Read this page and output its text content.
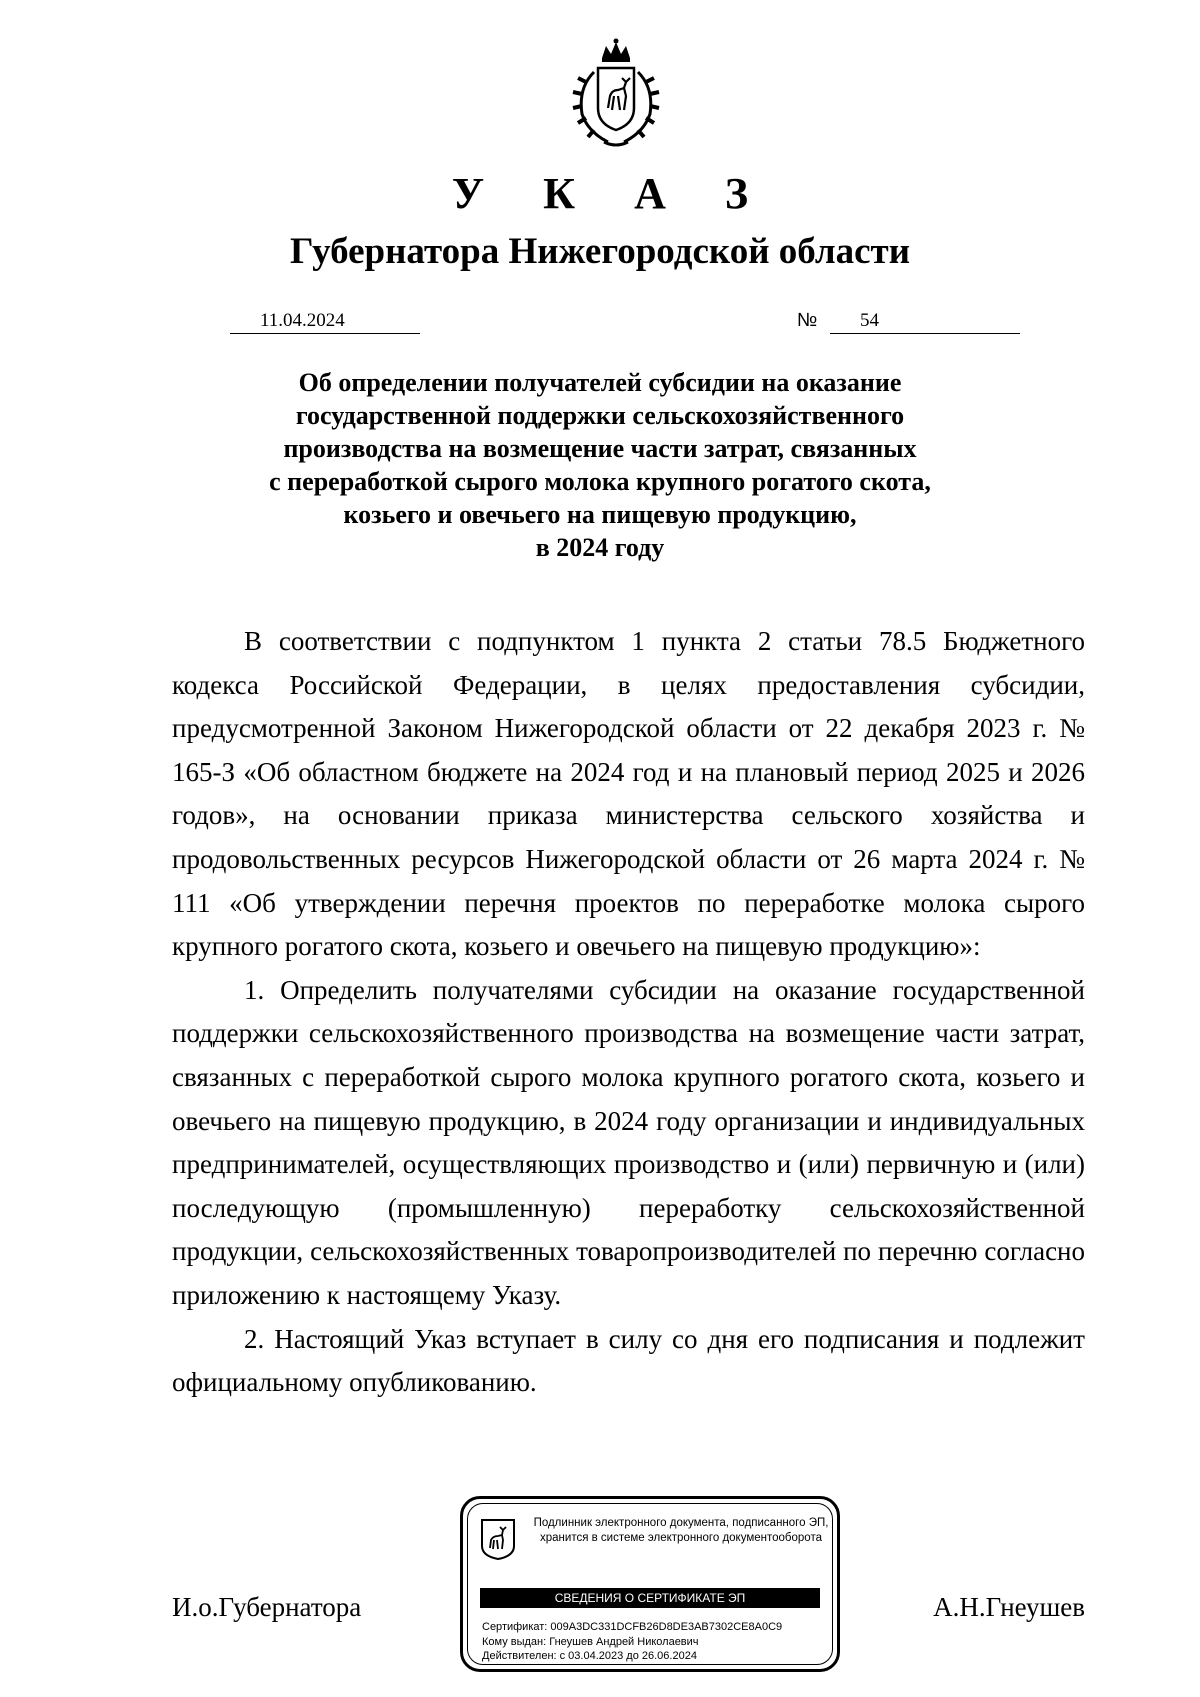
У К А З
Губернатора Нижегородской области
11.04.2024	№	54
Об определении получателей субсидии на оказание
государственной поддержки сельскохозяйственного
производства на возмещение части затрат, связанных
с переработкой сырого молока крупного рогатого скота,
козьего и овечьего на пищевую продукцию,
в 2024 году

В соответствии с подпунктом 1 пункта 2 статьи 78.5 Бюджетного кодекса Российской Федерации, в целях предоставления субсидии, предусмотренной Законом Нижегородской области от 22 декабря 2023 г. № 165-З «Об областном бюджете на 2024 год и на плановый период 2025 и 2026 годов», на основании приказа министерства сельского хозяйства и продовольственных ресурсов Нижегородской области от 26 марта 2024 г. № 111 «Об утверждении перечня проектов по переработке молока сырого крупного рогатого скота, козьего и овечьего на пищевую продукцию»:

1. Определить получателями субсидии на оказание государственной поддержки сельскохозяйственного производства на возмещение части затрат, связанных с переработкой сырого молока крупного рогатого скота, козьего и овечьего на пищевую продукцию, в 2024 году организации и индивидуальных предпринимателей, осуществляющих производство и (или) первичную и (или) последующую (промышленную) переработку сельскохозяйственной продукции, сельскохозяйственных товаропроизводителей по перечню согласно приложению к настоящему Указу.

2. Настоящий Указ вступает в силу со дня его подписания и подлежит официальному опубликованию.

И.о.Губернатора	А.Н.Гнеушев
Подлинник электронного документа, подписанного ЭП,
хранится в системе электронного документооборота
СВЕДЕНИЯ О СЕРТИФИКАТЕ ЭП
Сертификат: 009A3DC331DCFB26D8DE3AB7302CE8A0C9
Кому выдан: Гнеушев Андрей Николаевич
Действителен: с 03.04.2023 до 26.06.2024
